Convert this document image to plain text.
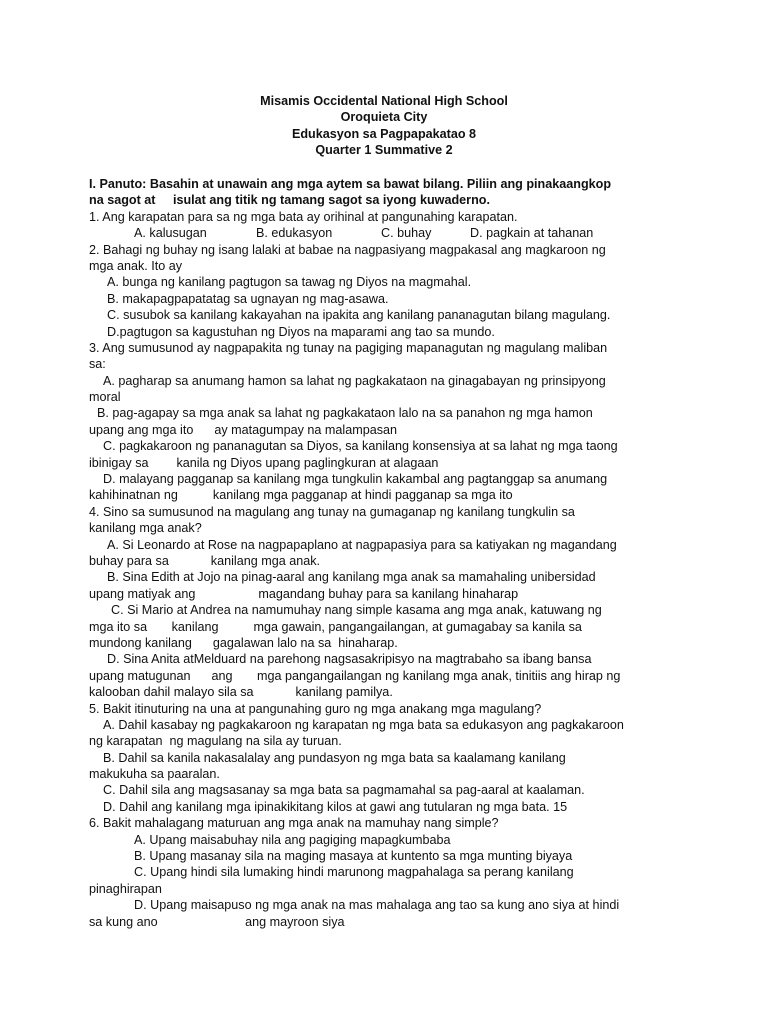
Misamis Occidental National High School
Oroquieta City
Edukasyon sa Pagpapakatao 8
Quarter 1 Summative 2
I. Panuto: Basahin at unawain ang mga aytem sa bawat bilang. Piliin ang pinakaangkop
na sagot at     isulat ang titik ng tamang sagot sa iyong kuwaderno.
1. Ang karapatan para sa ng mga bata ay orihinal at pangunahing karapatan.
A. kalusugan	B. edukasyon	C. buhay	D. pagkain at tahanan
2. Bahagi ng buhay ng isang lalaki at babae na nagpasiyang magpakasal ang magkaroon ng
mga anak. Ito ay
A. bunga ng kanilang pagtugon sa tawag ng Diyos na magmahal.
B. makapagpapatatag sa ugnayan ng mag-asawa.
C. susubok sa kanilang kakayahan na ipakita ang kanilang pananagutan bilang magulang.
D.pagtugon sa kagustuhan ng Diyos na maparami ang tao sa mundo.
3. Ang sumusunod ay nagpapakita ng tunay na pagiging mapanagutan ng magulang maliban
sa:
A. pagharap sa anumang hamon sa lahat ng pagkakataon na ginagabayan ng prinsipyong
moral
B. pag-agapay sa mga anak sa lahat ng pagkakataon lalo na sa panahon ng mga hamon
upang ang mga ito      ay matagumpay na malampasan
C. pagkakaroon ng pananagutan sa Diyos, sa kanilang konsensiya at sa lahat ng mga taong
ibinigay sa        kanila ng Diyos upang paglingkuran at alagaan
D. malayang pagganap sa kanilang mga tungkulin kakambal ang pagtanggap sa anumang
kahihinatnan ng          kanilang mga pagganap at hindi pagganap sa mga ito
4. Sino sa sumusunod na magulang ang tunay na gumaganap ng kanilang tungkulin sa
kanilang mga anak?
A. Si Leonardo at Rose na nagpapaplano at nagpapasiya para sa katiyakan ng magandang
buhay para sa            kanilang mga anak.
B. Sina Edith at Jojo na pinag-aaral ang kanilang mga anak sa mamahaling unibersidad
upang matiyak ang                  magandang buhay para sa kanilang hinaharap
C. Si Mario at Andrea na namumuhay nang simple kasama ang mga anak, katuwang ng
mga ito sa       kanilang          mga gawain, pangangailangan, at gumagabay sa kanila sa
mundong kanilang      gagalawan lalo na sa  hinaharap.
D. Sina Anita atMelduard na parehong nagsasakripisyo na magtrabaho sa ibang bansa
upang matugunan      ang       mga pangangailangan ng kanilang mga anak, tinitiis ang hirap ng
kalooban dahil malayo sila sa            kanilang pamilya.
5. Bakit itinuturing na una at pangunahing guro ng mga anakang mga magulang?
A. Dahil kasabay ng pagkakaroon ng karapatan ng mga bata sa edukasyon ang pagkakaroon
ng karapatan  ng magulang na sila ay turuan.
B. Dahil sa kanila nakasalalay ang pundasyon ng mga bata sa kaalamang kanilang
makukuha sa paaralan.
C. Dahil sila ang magsasanay sa mga bata sa pagmamahal sa pag-aaral at kaalaman.
D. Dahil ang kanilang mga ipinakikitang kilos at gawi ang tutularan ng mga bata. 15
6. Bakit mahalagang maturuan ang mga anak na mamuhay nang simple?
A. Upang maisabuhay nila ang pagiging mapagkumbaba
B. Upang masanay sila na maging masaya at kuntento sa mga munting biyaya
C. Upang hindi sila lumaking hindi marunong magpahalaga sa perang kanilang
pinaghirapan
D. Upang maisapuso ng mga anak na mas mahalaga ang tao sa kung ano siya at hindi
sa kung ano                         ang mayroon siya
